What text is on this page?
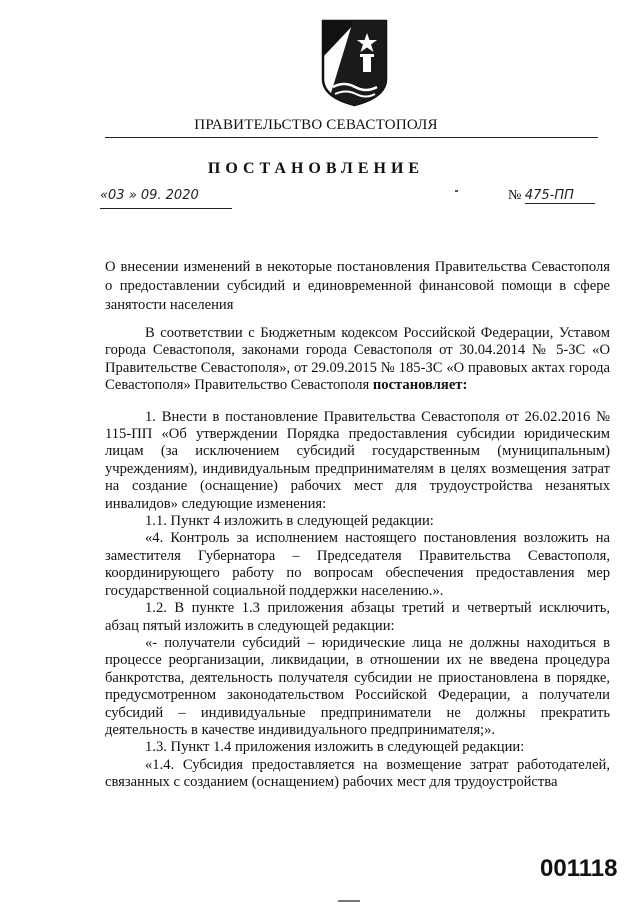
ПРАВИТЕЛЬСТВО СЕВАСТОПОЛЯ
ПОСТАНОВЛЕНИЕ
«03 » 09. 2020	№ 475-ПП
О внесении изменений в некоторые постановления Правительства Севастополя о предоставлении субсидий и единовременной финансовой помощи в сфере занятости населения

В соответствии с Бюджетным кодексом Российской Федерации, Уставом города Севастополя, законами города Севастополя от 30.04.2014 № 5-ЗС «О Правительстве Севастополя», от 29.09.2015 № 185-ЗС «О правовых актах города Севастополя» Правительство Севастополя постановляет:

1. Внести в постановление Правительства Севастополя от 26.02.2016 № 115-ПП «Об утверждении Порядка предоставления субсидии юридическим лицам (за исключением субсидий государственным (муниципальным) учреждениям), индивидуальным предпринимателям в целях возмещения затрат на создание (оснащение) рабочих мест для трудоустройства незанятых инвалидов» следующие изменения:

1.1. Пункт 4 изложить в следующей редакции:

«4. Контроль за исполнением настоящего постановления возложить на заместителя Губернатора – Председателя Правительства Севастополя, координирующего работу по вопросам обеспечения предоставления мер государственной социальной поддержки населению.».

1.2. В пункте 1.3 приложения абзацы третий и четвертый исключить, абзац пятый изложить в следующей редакции:

«- получатели субсидий – юридические лица не должны находиться в процессе реорганизации, ликвидации, в отношении их не введена процедура банкротства, деятельность получателя субсидии не приостановлена в порядке, предусмотренном законодательством Российской Федерации, а получатели субсидий – индивидуальные предприниматели не должны прекратить деятельность в качестве индивидуального предпринимателя;».

1.3. Пункт 1.4 приложения изложить в следующей редакции:

«1.4. Субсидия предоставляется на возмещение затрат работодателей, связанных с созданием (оснащением) рабочих мест для трудоустройства

001118
